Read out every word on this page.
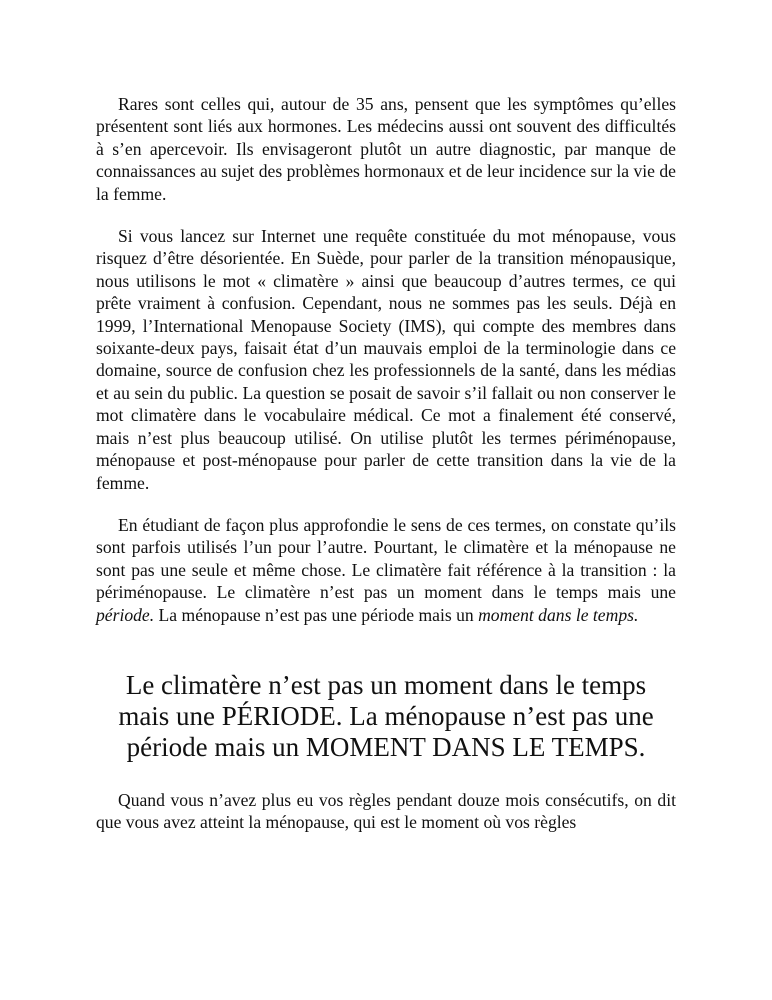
Rares sont celles qui, autour de 35 ans, pensent que les symptômes qu’elles présentent sont liés aux hormones. Les médecins aussi ont souvent des difficultés à s’en apercevoir. Ils envisageront plutôt un autre diagnostic, par manque de connaissances au sujet des problèmes hormonaux et de leur incidence sur la vie de la femme.

Si vous lancez sur Internet une requête constituée du mot ménopause, vous risquez d’être désorientée. En Suède, pour parler de la transition ménopausique, nous utilisons le mot « climatère » ainsi que beaucoup d’autres termes, ce qui prête vraiment à confusion. Cependant, nous ne sommes pas les seuls. Déjà en 1999, l’International Menopause Society (IMS), qui compte des membres dans soixante-deux pays, faisait état d’un mauvais emploi de la terminologie dans ce domaine, source de confusion chez les professionnels de la santé, dans les médias et au sein du public. La question se posait de savoir s’il fallait ou non conserver le mot climatère dans le vocabulaire médical. Ce mot a finalement été conservé, mais n’est plus beaucoup utilisé. On utilise plutôt les termes périménopause, ménopause et post-ménopause pour parler de cette transition dans la vie de la femme.

En étudiant de façon plus approfondie le sens de ces termes, on constate qu’ils sont parfois utilisés l’un pour l’autre. Pourtant, le climatère et la ménopause ne sont pas une seule et même chose. Le climatère fait référence à la transition : la périménopause. Le climatère n’est pas un moment dans le temps mais une période. La ménopause n’est pas une période mais un moment dans le temps.

Le climatère n’est pas un moment dans le temps mais une PÉRIODE. La ménopause n’est pas une période mais un MOMENT DANS LE TEMPS.

Quand vous n’avez plus eu vos règles pendant douze mois consécutifs, on dit que vous avez atteint la ménopause, qui est le moment où vos règles
